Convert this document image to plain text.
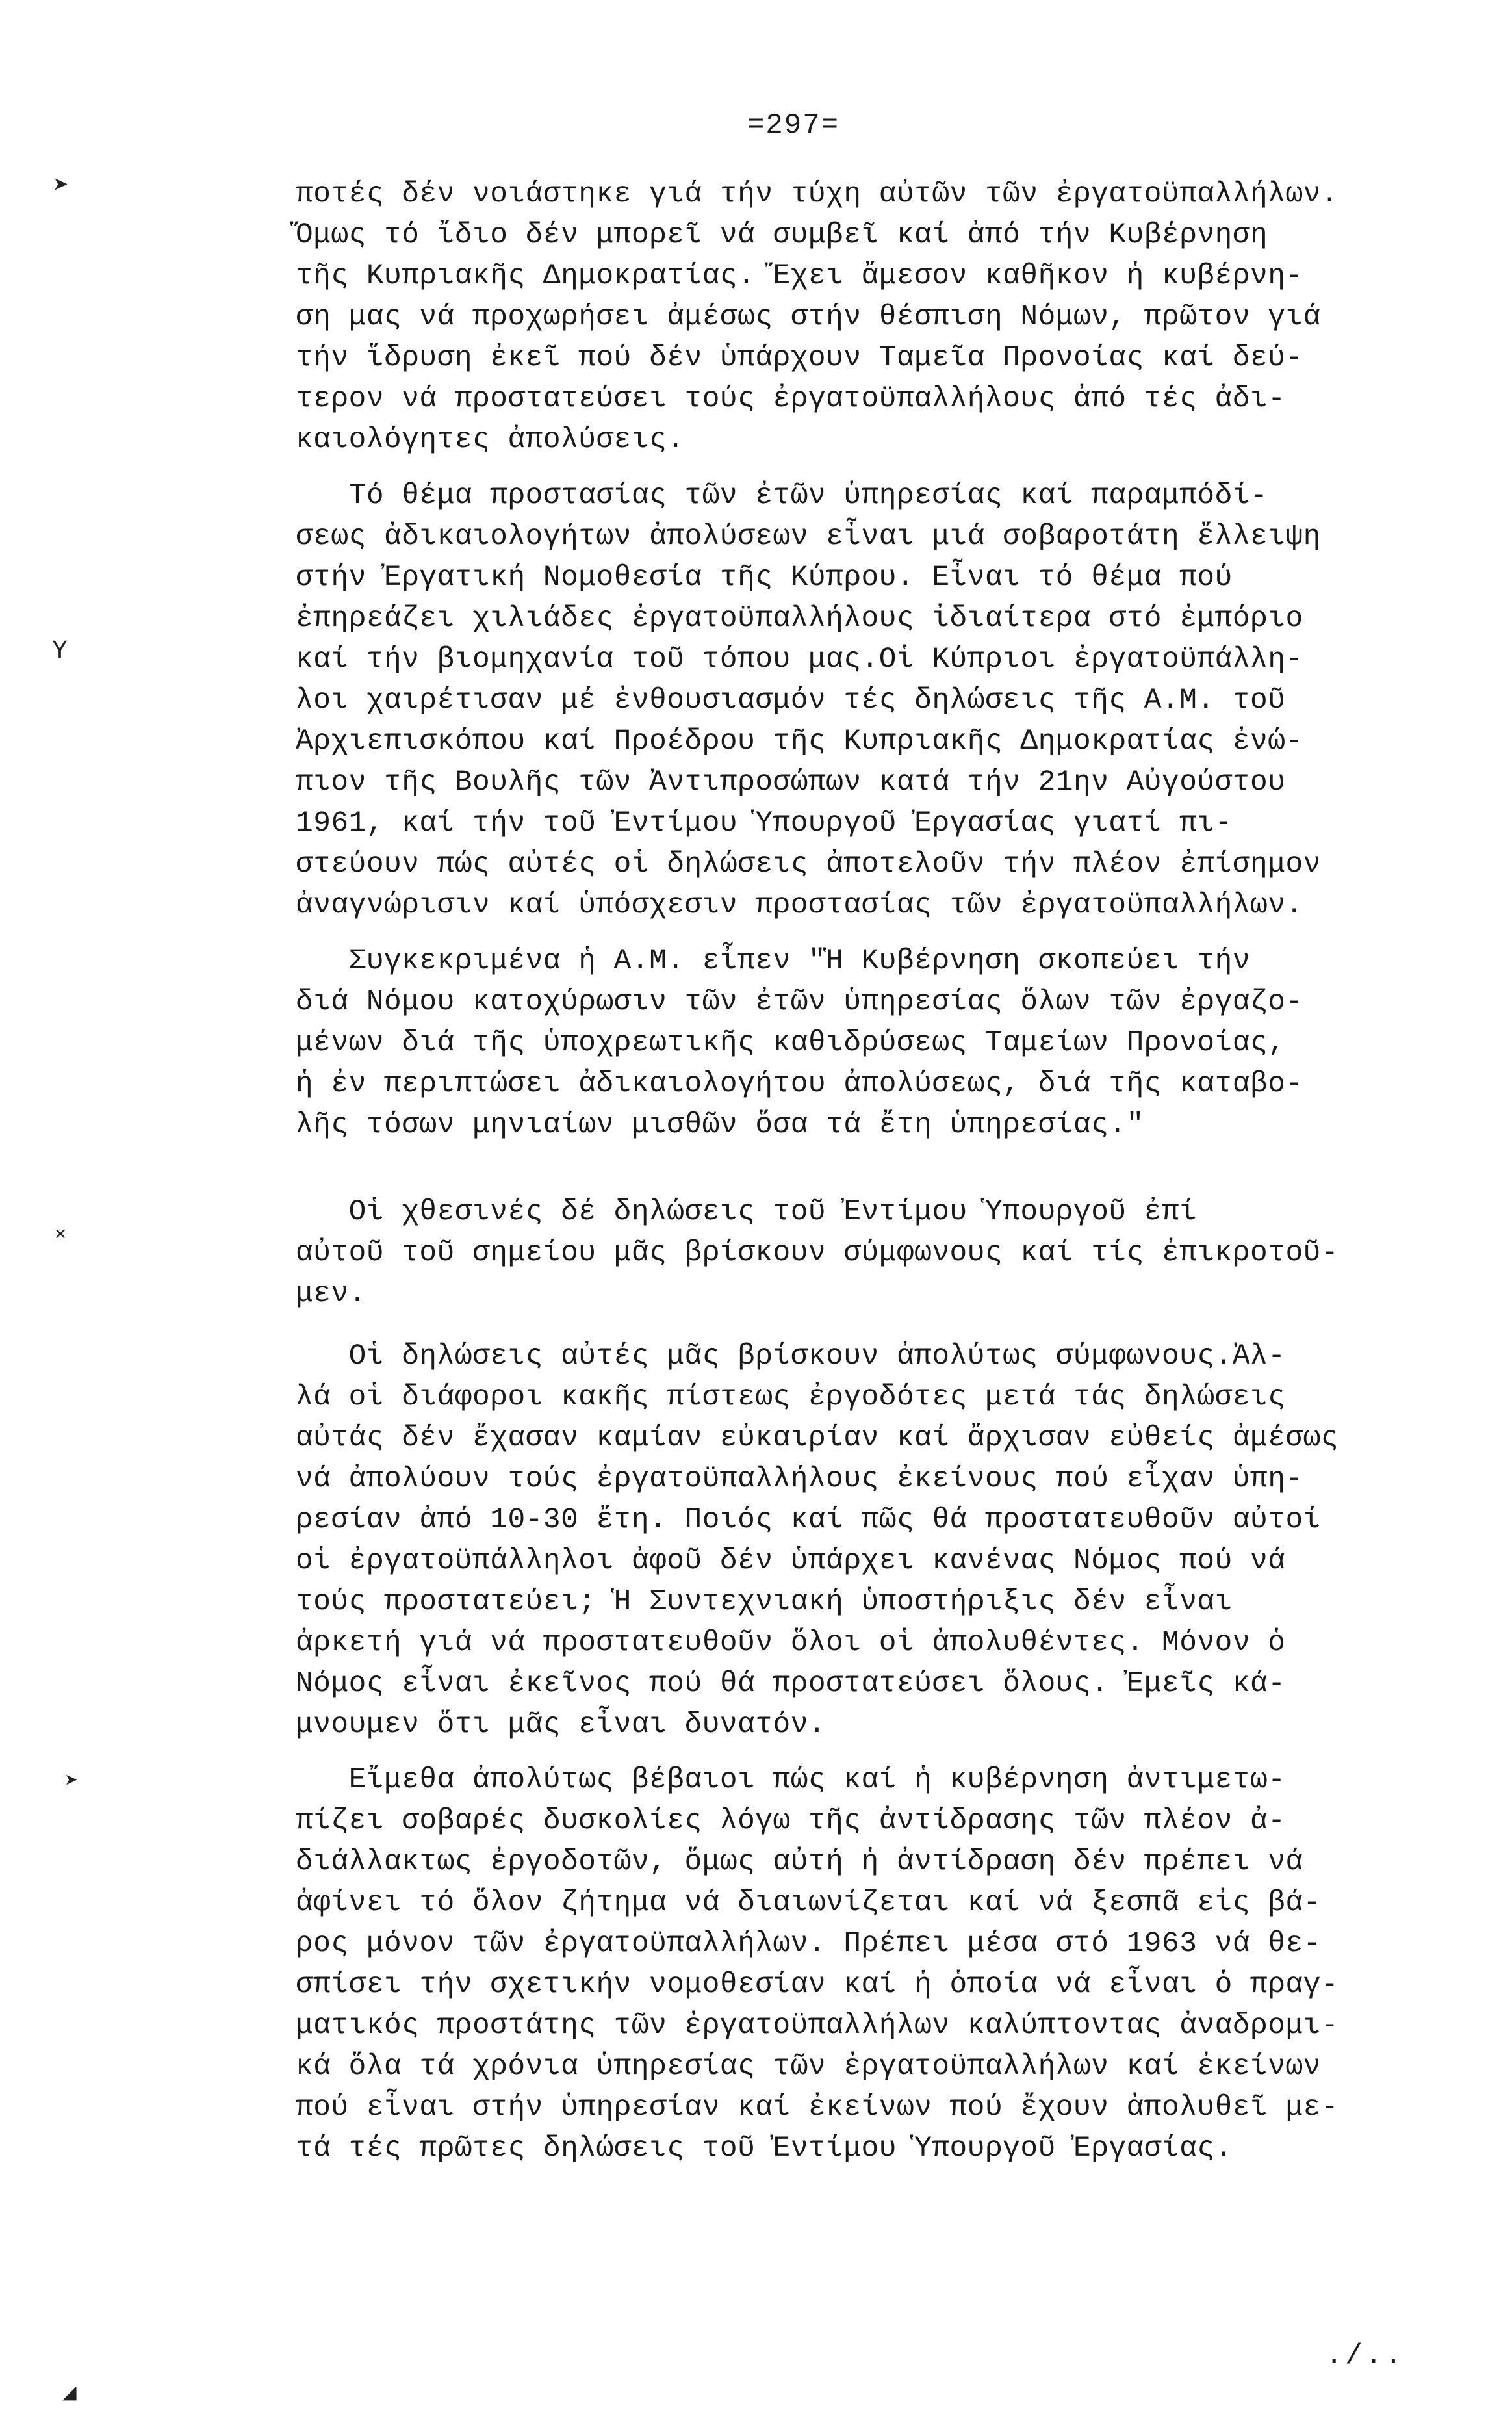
=297=
➤
Y
✕
➤
◢
ποτές δέν νοιάστηκε γιά τήν τύχη αὐτῶν τῶν ἐργατοϋπαλλήλων.
Ὅμως τό ἴδιο δέν μπορεῖ νά συμβεῖ καί ἀπό τήν Κυβέρνηση
τῆς Κυπριακῆς Δημοκρατίας. Ἔχει ἄμεσον καθῆκον ἡ κυβέρνη-
ση μας νά προχωρήσει ἀμέσως στήν θέσπιση Νόμων, πρῶτον γιά
τήν ἵδρυση ἐκεῖ πού δέν ὑπάρχουν Ταμεῖα Προνοίας καί δεύ-
τερον νά προστατεύσει τούς ἐργατοϋπαλλήλους ἀπό τές ἀδι-
καιολόγητες ἀπολύσεις.
Τό θέμα προστασίας τῶν ἐτῶν ὑπηρεσίας καί παραμπόδί-
σεως ἀδικαιολογήτων ἀπολύσεων εἶναι μιά σοβαροτάτη ἔλλειψη
στήν Ἐργατική Νομοθεσία τῆς Κύπρου. Εἶναι τό θέμα πού
ἐπηρεάζει χιλιάδες ἐργατοϋπαλλήλους ἰδιαίτερα στό ἐμπόριο
καί τήν βιομηχανία τοῦ τόπου μας.Οἱ Κύπριοι ἐργατοϋπάλλη-
λοι χαιρέτισαν μέ ἐνθουσιασμόν τές δηλώσεις τῆς Α.Μ. τοῦ
Ἀρχιεπισκόπου καί Προέδρου τῆς Κυπριακῆς Δημοκρατίας ἐνώ-
πιον τῆς Βουλῆς τῶν Ἀντιπροσώπων κατά τήν 21ην Αὐγούστου
1961, καί τήν τοῦ Ἐντίμου Ὑπουργοῦ Ἐργασίας γιατί πι-
στεύουν πώς αὐτές οἱ δηλώσεις ἀποτελοῦν τήν πλέον ἐπίσημον
ἀναγνώρισιν καί ὑπόσχεσιν προστασίας τῶν ἐργατοϋπαλλήλων.
Συγκεκριμένα ἡ Α.Μ. εἶπεν "Ἡ Κυβέρνηση σκοπεύει τήν
διά Νόμου κατοχύρωσιν τῶν ἐτῶν ὑπηρεσίας ὅλων τῶν ἐργαζο-
μένων διά τῆς ὑποχρεωτικῆς καθιδρύσεως Ταμείων Προνοίας,
ἡ ἐν περιπτώσει ἀδικαιολογήτου ἀπολύσεως, διά τῆς καταβο-
λῆς τόσων μηνιαίων μισθῶν ὅσα τά ἔτη ὑπηρεσίας."
Οἱ χθεσινές δέ δηλώσεις τοῦ Ἐντίμου Ὑπουργοῦ ἐπί
αὐτοῦ τοῦ σημείου μᾶς βρίσκουν σύμφωνους καί τίς ἐπικροτοῦ-
μεν.
Οἱ δηλώσεις αὐτές μᾶς βρίσκουν ἀπολύτως σύμφωνους.Ἀλ-
λά οἱ διάφοροι κακῆς πίστεως ἐργοδότες μετά τάς δηλώσεις
αὐτάς δέν ἔχασαν καμίαν εὐκαιρίαν καί ἄρχισαν εὐθείς ἀμέσως
νά ἀπολύουν τούς ἐργατοϋπαλλήλους ἐκείνους πού εἶχαν ὑπη-
ρεσίαν ἀπό 10-30 ἔτη. Ποιός καί πῶς θά προστατευθοῦν αὐτοί
οἱ ἐργατοϋπάλληλοι ἀφοῦ δέν ὑπάρχει κανένας Νόμος πού νά
τούς προστατεύει; Ἡ Συντεχνιακή ὑποστήριξις δέν εἶναι
ἀρκετή γιά νά προστατευθοῦν ὅλοι οἱ ἀπολυθέντες. Μόνον ὁ
Νόμος εἶναι ἐκεῖνος πού θά προστατεύσει ὅλους. Ἐμεῖς κά-
μνουμεν ὅτι μᾶς εἶναι δυνατόν.
Εἴμεθα ἀπολύτως βέβαιοι πώς καί ἡ κυβέρνηση ἀντιμετω-
πίζει σοβαρές δυσκολίες λόγω τῆς ἀντίδρασης τῶν πλέον ἀ-
διάλλακτως ἐργοδοτῶν, ὅμως αὐτή ἡ ἀντίδραση δέν πρέπει νά
ἀφίνει τό ὅλον ζήτημα νά διαιωνίζεται καί νά ξεσπᾶ εἰς βά-
ρος μόνον τῶν ἐργατοϋπαλλήλων. Πρέπει μέσα στό 1963 νά θε-
σπίσει τήν σχετικήν νομοθεσίαν καί ἡ ὁποία νά εἶναι ὁ πραγ-
ματικός προστάτης τῶν ἐργατοϋπαλλήλων καλύπτοντας ἀναδρομι-
κά ὅλα τά χρόνια ὑπηρεσίας τῶν ἐργατοϋπαλλήλων καί ἐκείνων
πού εἶναι στήν ὑπηρεσίαν καί ἐκείνων πού ἔχουν ἀπολυθεῖ με-
τά τές πρῶτες δηλώσεις τοῦ Ἐντίμου Ὑπουργοῦ Ἐργασίας.
./..
